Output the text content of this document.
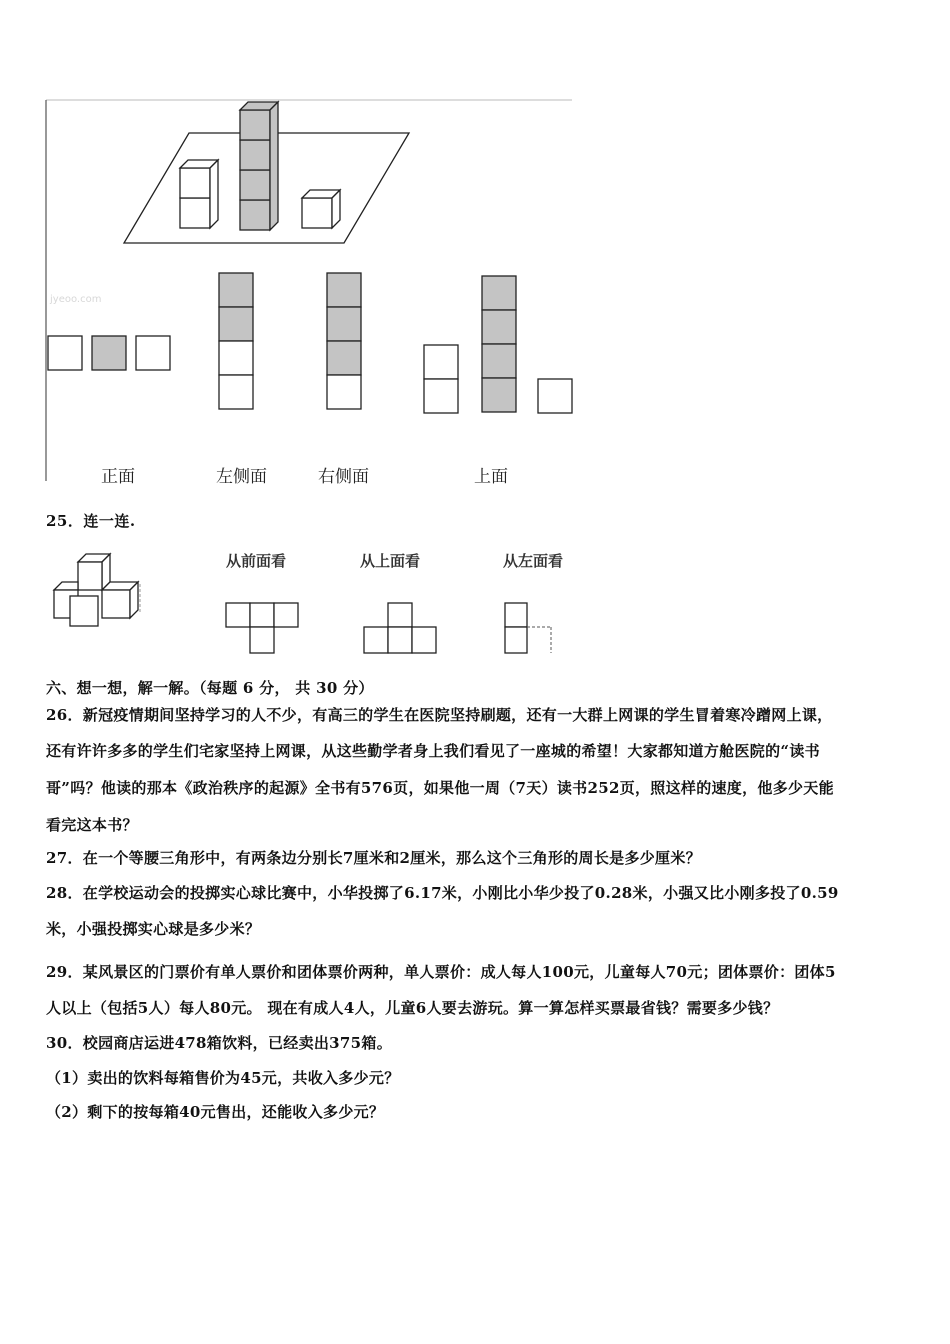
jyeoo.com
正面	左侧面	右侧面	上面
25．连一连.
从前面看	从上面看	从左面看
六、想一想，解一解。（每题 6 分， 共 30 分）
26．新冠疫情期间坚持学习的人不少，有高三的学生在医院坚持刷题，还有一大群上网课的学生冒着寒冷蹭网上课，
还有许许多多的学生们宅家坚持上网课，从这些勤学者身上我们看见了一座城的希望！大家都知道方舱医院的“读书
哥”吗？他读的那本《政治秩序的起源》全书有576页，如果他一周（7天）读书252页，照这样的速度，他多少天能
看完这本书？
27．在一个等腰三角形中，有两条边分别长7厘米和2厘米，那么这个三角形的周长是多少厘米？
28．在学校运动会的投掷实心球比赛中，小华投掷了6.17米，小刚比小华少投了0.28米，小强又比小刚多投了0.59
米，小强投掷实心球是多少米？
29．某风景区的门票价有单人票价和团体票价两种，单人票价：成人每人100元，儿童每人70元；团体票价：团体5
人以上（包括5人）每人80元。 现在有成人4人，儿童6人要去游玩。算一算怎样买票最省钱？需要多少钱？
30．校园商店运进478箱饮料，已经卖出375箱。
（1）卖出的饮料每箱售价为45元，共收入多少元？
（2）剩下的按每箱40元售出，还能收入多少元？
